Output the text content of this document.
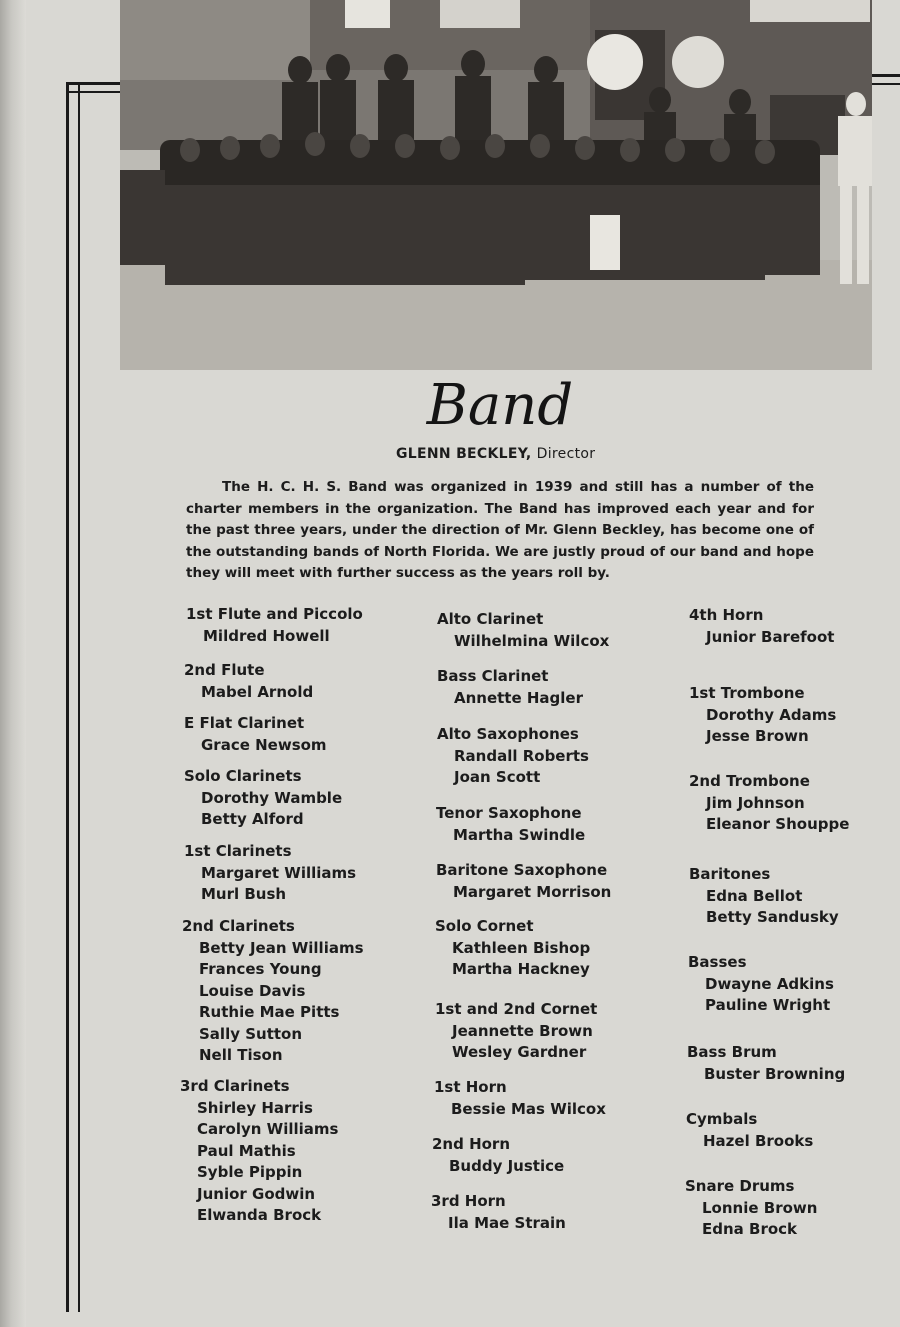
Band
GLENN BECKLEY, Director
The H. C. H. S. Band was organized in 1939 and still has a number of the charter members in the organization. The Band has improved each year and for the past three years, under the direction of Mr. Glenn Beckley, has become one of the outstanding bands of North Florida. We are justly proud of our band and hope they will meet with further success as the years roll by.
1st Flute and Piccolo
Mildred Howell
2nd Flute
Mabel Arnold
E Flat Clarinet
Grace Newsom
Solo Clarinets
Dorothy Wamble
Betty Alford
1st Clarinets
Margaret Williams
Murl Bush
2nd Clarinets
Betty Jean Williams
Frances Young
Louise Davis
Ruthie Mae Pitts
Sally Sutton
Nell Tison
3rd Clarinets
Shirley Harris
Carolyn Williams
Paul Mathis
Syble Pippin
Junior Godwin
Elwanda Brock
Alto Clarinet
Wilhelmina Wilcox
Bass Clarinet
Annette Hagler
Alto Saxophones
Randall Roberts
Joan Scott
Tenor Saxophone
Martha Swindle
Baritone Saxophone
Margaret Morrison
Solo Cornet
Kathleen Bishop
Martha Hackney
1st and 2nd Cornet
Jeannette Brown
Wesley Gardner
1st Horn
Bessie Mas Wilcox
2nd Horn
Buddy Justice
3rd Horn
Ila Mae Strain
4th Horn
Junior Barefoot
1st Trombone
Dorothy Adams
Jesse Brown
2nd Trombone
Jim Johnson
Eleanor Shouppe
Baritones
Edna Bellot
Betty Sandusky
Basses
Dwayne Adkins
Pauline Wright
Bass Brum
Buster Browning
Cymbals
Hazel Brooks
Snare Drums
Lonnie Brown
Edna Brock
